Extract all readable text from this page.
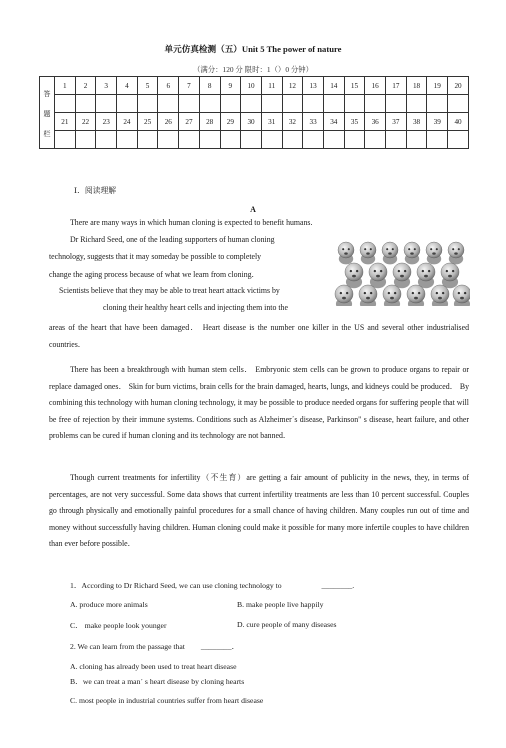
单元仿真检测（五）Unit 5 The power of nature
（满分：120 分 限时：1（）0 分钟）
答
题
栏	1	2	3	4	5	6	7	8	9	10	11	12	13	14	15	16	17	18	19	20

	21	22	23	24	25	26	27	28	29	30	31	32	33	34	35	36	37	38	39	40

Ⅰ．阅读理解
A
There are many ways in which human cloning is expected to benefit humans.
Dr Richard Seed, one of the leading supporters of human cloning
technology, suggests that it may someday be possible to completely
change the aging process because of what we learn from cloning．
Scientists believe that they may be able to treat heart attack victims by
cloning their healthy heart cells and injecting them into the
areas of the heart that have been damaged． Heart disease is the number one killer in the US and several other industrialised countries．
There has been a breakthrough with human stem cells． Embryonic stem cells can be grown to produce organs to repair or replace damaged ones． Skin for burn victims, brain cells for the brain damaged, hearts, lungs, and kidneys could be produced． By combining this technology with human cloning technology, it may be possible to produce needed organs for suffering people that will be free of rejection by their immune systems. Conditions such as Alzheimer᾽s disease, Parkinson" s disease, heart failure, and other problems can be cured if human cloning and its technology are not banned．
Though current treatments for infertility（不生育）are getting a fair amount of publicity in the news, they, in terms of percentages, are not very successful. Some data shows that current infertility treatments are less than 10 percent successful. Couples go through physically and emotionally painful procedures for a small chance of having children. Many couples run out of time and money without successfully having children. Human cloning could make it possible for many more infertile couples to have children than ever before possible．
1．According to Dr Richard Seed, we can use cloning technology to	________.
A. produce more animals	B. make people live happily
C． make people look younger	D. cure people of many diseases
2. We can learn from the passage that ________．
A. cloning has already been used to treat heart disease
B．we can treat a man᾽ s heart disease by cloning hearts
C. most people in industrial countries suffer from heart disease
